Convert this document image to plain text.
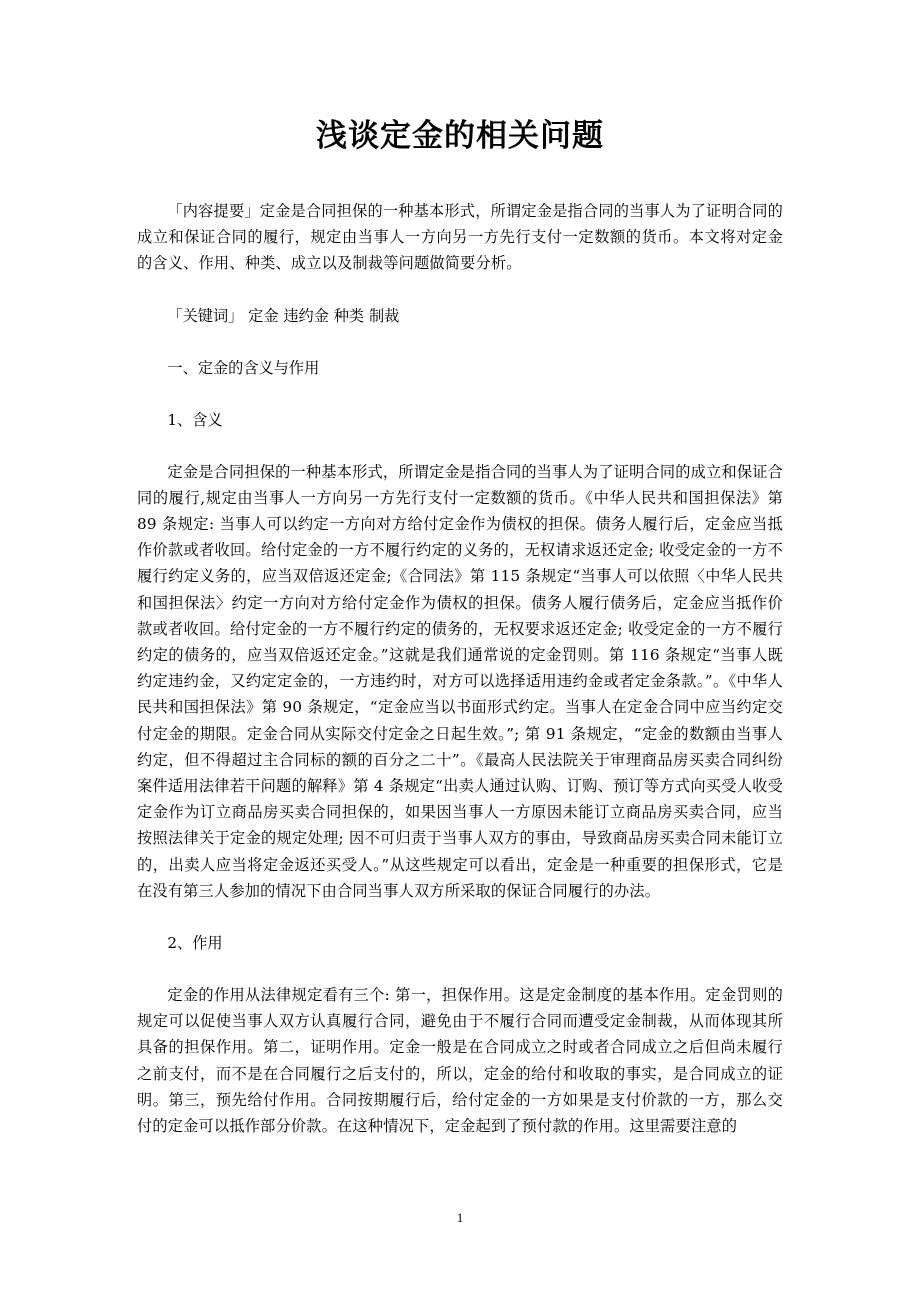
浅谈定金的相关问题

「内容提要」定金是合同担保的一种基本形式，所谓定金是指合同的当事人为了证明合同的成立和保证合同的履行，规定由当事人一方向另一方先行支付一定数额的货币。本文将对定金的含义、作用、种类、成立以及制裁等问题做简要分析。

「关键词」 定金 违约金 种类 制裁

一、定金的含义与作用

1、含义

定金是合同担保的一种基本形式，所谓定金是指合同的当事人为了证明合同的成立和保证合同的履行,规定由当事人一方向另一方先行支付一定数额的货币。《中华人民共和国担保法》第 89 条规定: 当事人可以约定一方向对方给付定金作为债权的担保。债务人履行后，定金应当抵作价款或者收回。给付定金的一方不履行约定的义务的，无权请求返还定金; 收受定金的一方不履行约定义务的，应当双倍返还定金;《合同法》第 115 条规定“当事人可以依照〈中华人民共和国担保法〉约定一方向对方给付定金作为债权的担保。债务人履行债务后，定金应当抵作价款或者收回。给付定金的一方不履行约定的债务的，无权要求返还定金; 收受定金的一方不履行约定的债务的，应当双倍返还定金。”这就是我们通常说的定金罚则。第 116 条规定“当事人既约定违约金，又约定定金的，一方违约时，对方可以选择适用违约金或者定金条款。”。《中华人民共和国担保法》第 90 条规定，“定金应当以书面形式约定。当事人在定金合同中应当约定交付定金的期限。定金合同从实际交付定金之日起生效。”; 第 91 条规定，“定金的数额由当事人约定，但不得超过主合同标的额的百分之二十”。《最高人民法院关于审理商品房买卖合同纠纷案件适用法律若干问题的解释》第 4 条规定“出卖人通过认购、订购、预订等方式向买受人收受定金作为订立商品房买卖合同担保的，如果因当事人一方原因未能订立商品房买卖合同，应当按照法律关于定金的规定处理; 因不可归责于当事人双方的事由，导致商品房买卖合同未能订立的，出卖人应当将定金返还买受人。”从这些规定可以看出，定金是一种重要的担保形式，它是在没有第三人参加的情况下由合同当事人双方所采取的保证合同履行的办法。

2、作用

定金的作用从法律规定看有三个: 第一，担保作用。这是定金制度的基本作用。定金罚则的规定可以促使当事人双方认真履行合同，避免由于不履行合同而遭受定金制裁，从而体现其所具备的担保作用。第二，证明作用。定金一般是在合同成立之时或者合同成立之后但尚未履行之前支付，而不是在合同履行之后支付的，所以，定金的给付和收取的事实，是合同成立的证明。第三，预先给付作用。合同按期履行后，给付定金的一方如果是支付价款的一方，那么交付的定金可以抵作部分价款。在这种情况下，定金起到了预付款的作用。这里需要注意的

1
